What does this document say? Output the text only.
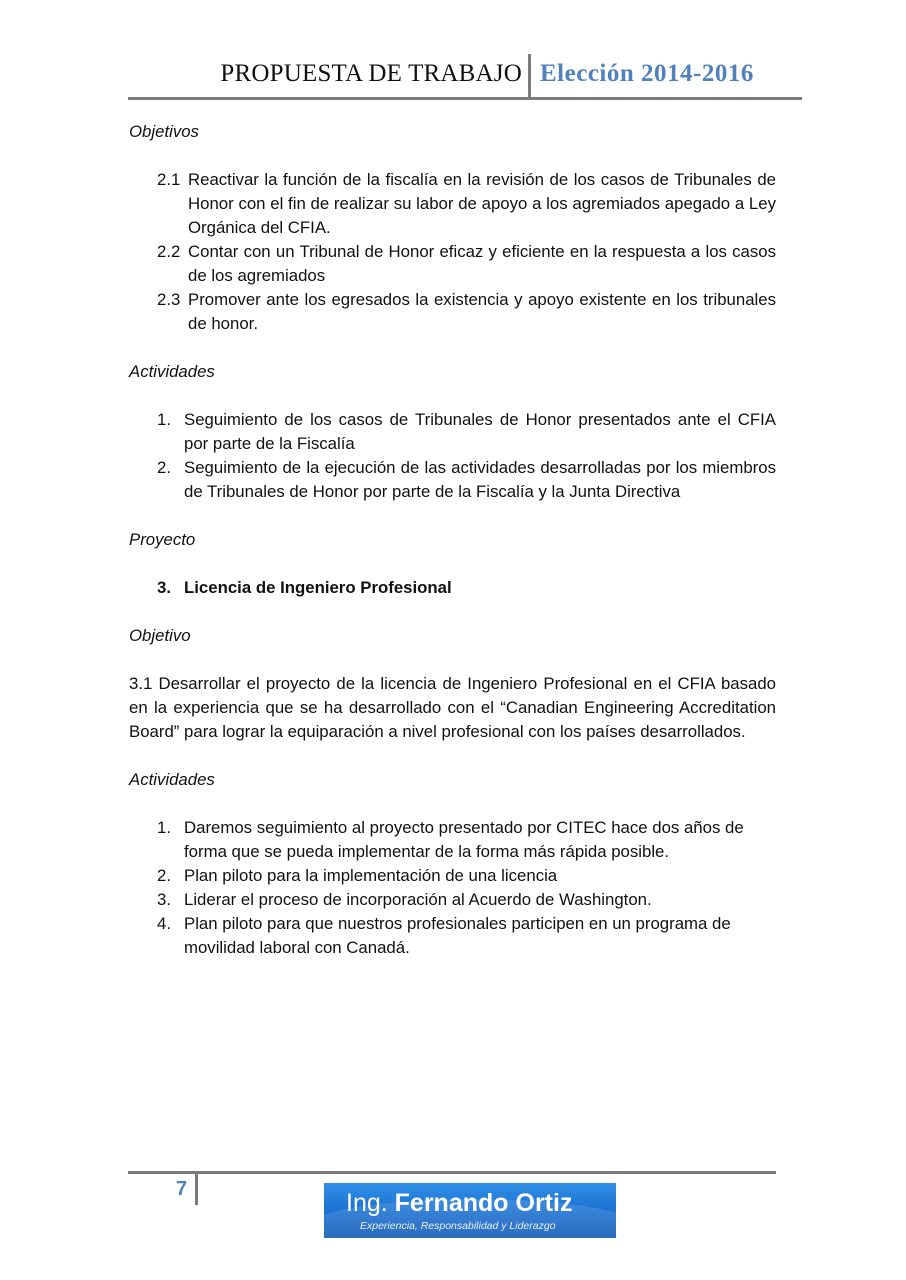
PROPUESTA DE TRABAJO Elección 2014-2016

Objetivos

2.1 Reactivar la función de la fiscalía en la revisión de los casos de Tribunales de Honor con el fin de realizar su labor de apoyo a los agremiados apegado a Ley Orgánica del CFIA.
2.2 Contar con un Tribunal de Honor eficaz y eficiente en la respuesta a los casos de los agremiados
2.3 Promover ante los egresados la existencia y apoyo existente en los tribunales de honor.

Actividades

1. Seguimiento de los casos de Tribunales de Honor presentados ante el CFIA por parte de la Fiscalía
2. Seguimiento de la ejecución de las actividades desarrolladas por los miembros de Tribunales de Honor por parte de la Fiscalía y la Junta Directiva

Proyecto

3. Licencia de Ingeniero Profesional

Objetivo

3.1 Desarrollar el proyecto de la licencia de Ingeniero Profesional en el CFIA basado en la experiencia que se ha desarrollado con el “Canadian Engineering Accreditation Board” para lograr la equiparación a nivel profesional con los países desarrollados.

Actividades

1. Daremos seguimiento al proyecto presentado por CITEC hace dos años de forma que se pueda implementar de la forma más rápida posible.
2. Plan piloto para la implementación de una licencia
3. Liderar el proceso de incorporación al Acuerdo de Washington.
4. Plan piloto para que nuestros profesionales participen en un programa de movilidad laboral con Canadá.
7	Ing. Fernando Ortiz
Experiencia, Responsabilidad y Liderazgo
